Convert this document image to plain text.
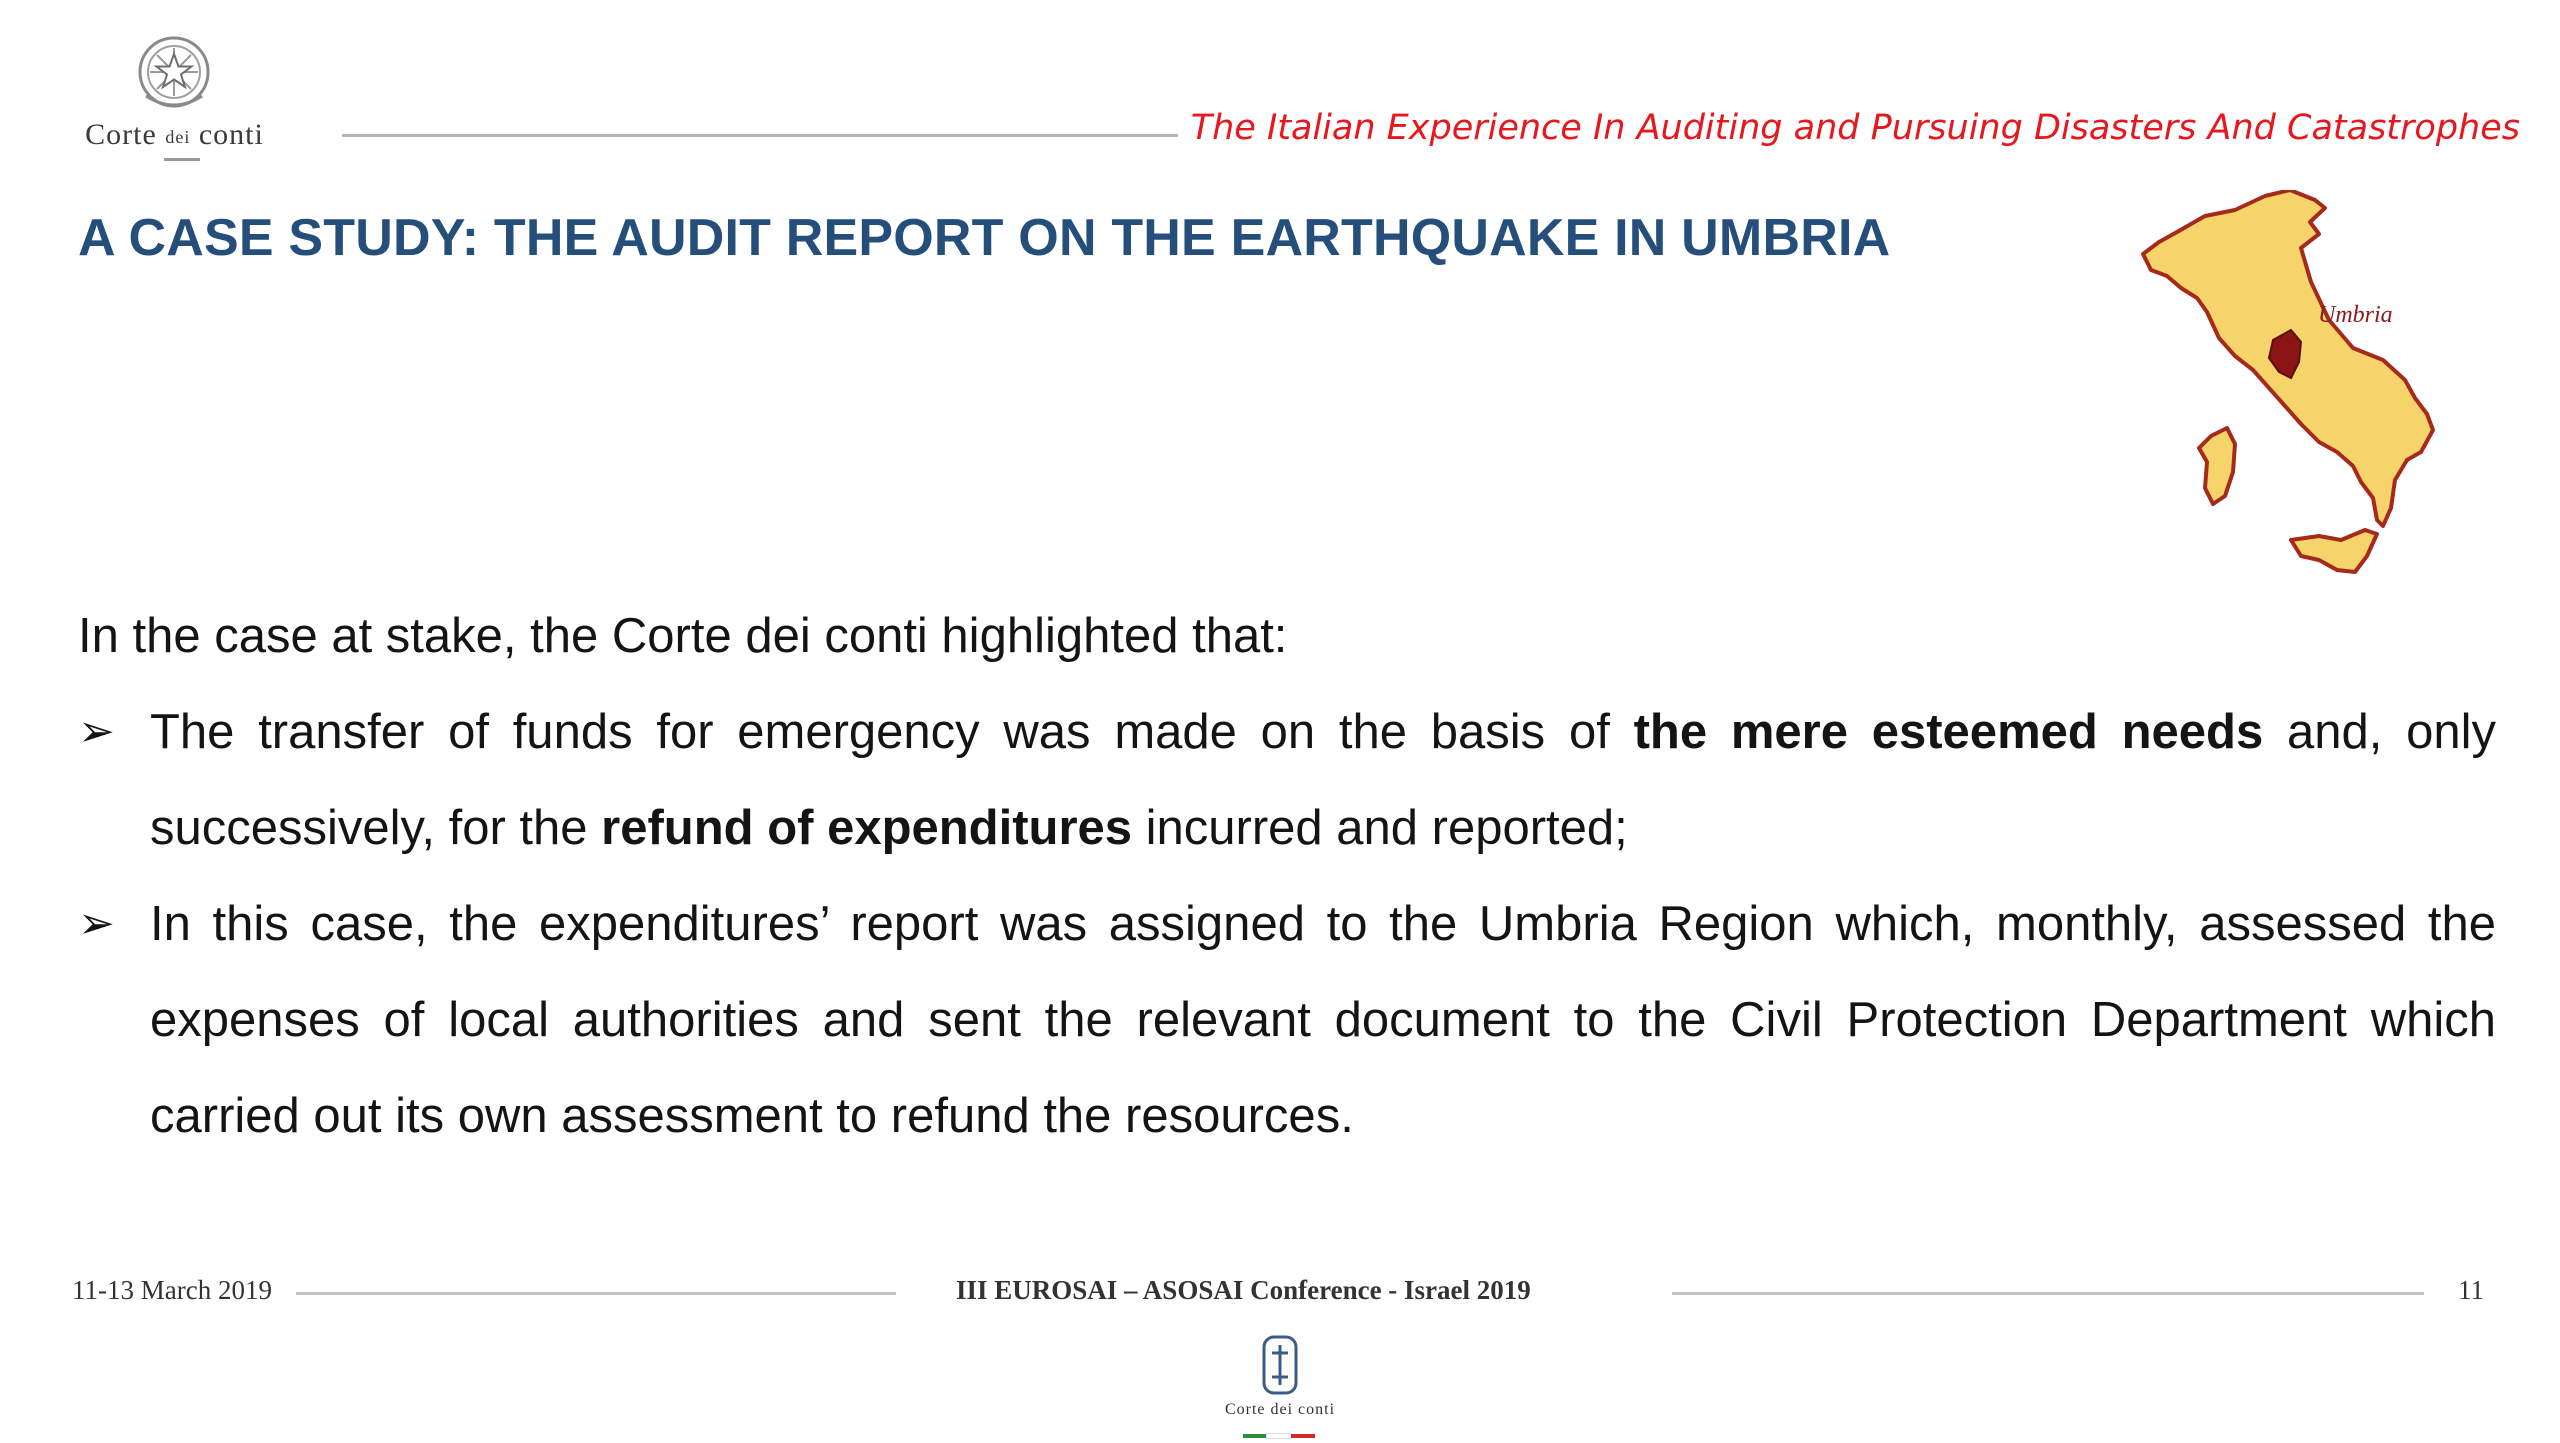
Corte dei conti	The Italian Experience In Auditing and Pursuing Disasters And Catastrophes
A CASE STUDY: THE AUDIT REPORT ON THE EARTHQUAKE IN UMBRIA
Umbria
In the case at stake, the Corte dei conti highlighted that:
➢ The transfer of funds for emergency was made on the basis of the mere esteemed needs and, only successively, for the refund of expenditures incurred and reported;
➢ In this case, the expenditures’ report was assigned to the Umbria Region which, monthly, assessed the expenses of local authorities and sent the relevant document to the Civil Protection Department which carried out its own assessment to refund the resources.
11-13 March 2019	III EUROSAI – ASOSAI Conference - Israel 2019	11
Corte dei conti
